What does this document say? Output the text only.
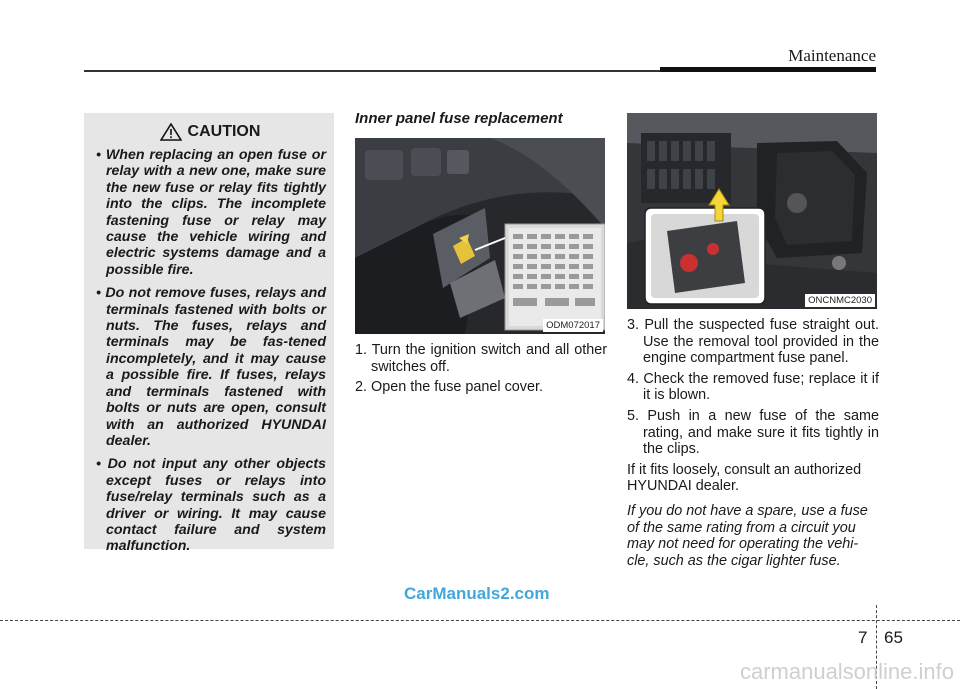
Maintenance
CAUTION

• When replacing an open fuse or relay with a new one, make sure the new fuse or relay fits tightly into the clips. The incomplete fastening fuse or relay may cause the vehicle wiring and electric systems damage and a possible fire.

• Do not remove fuses, relays and terminals fastened with bolts or nuts. The fuses, relays and terminals may be fas-tened incompletely, and it may cause a possible fire. If fuses, relays and terminals fastened with bolts or nuts are open, consult with an authorized HYUNDAI dealer.

• Do not input any other objects except fuses or relays into fuse/relay terminals such as a driver or wiring. It may cause contact failure and system malfunction.

Inner panel fuse replacement
ODM072017

1. Turn the ignition switch and all other switches off.

2. Open the fuse panel cover.

ONCNMC2030

3. Pull the suspected fuse straight out. Use the removal tool provided in the engine compartment fuse panel.

4. Check the removed fuse; replace it if it is blown.

5. Push in a new fuse of the same rating, and make sure it fits tightly in the clips.

If it fits loosely, consult an authorized HYUNDAI dealer.

If you do not have a spare, use a fuse of the same rating from a circuit you may not need for operating the vehi-cle, such as the cigar lighter fuse.

CarManuals2.com
7 65
carmanualsonline.info
